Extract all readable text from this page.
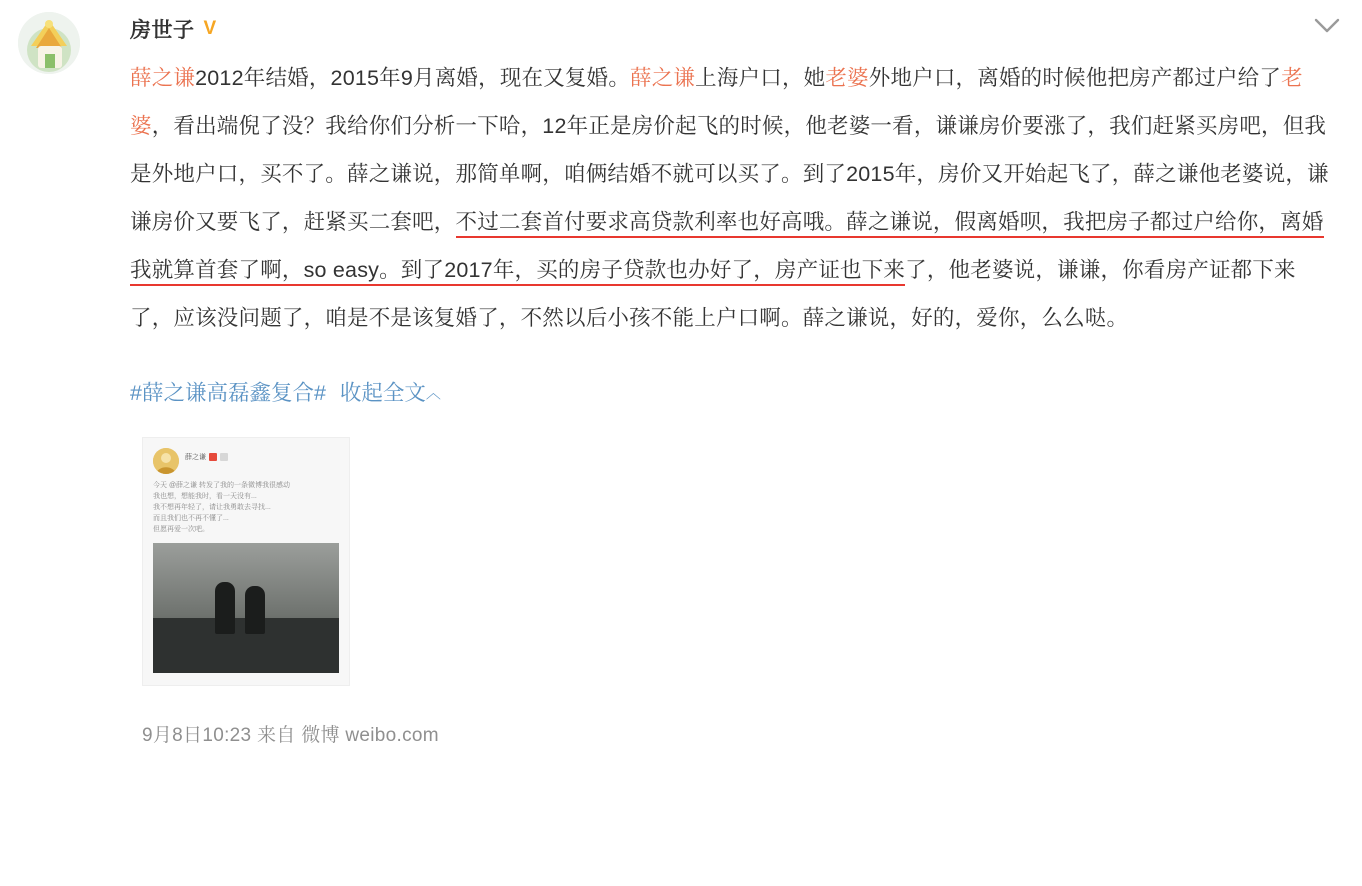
房世子 V
薛之谦2012年结婚，2015年9月离婚，现在又复婚。薛之谦上海户口，她老婆外地户口，离婚的时候他把房产都过户给了老婆，看出端倪了没？我给你们分析一下哈，12年正是房价起飞的时候，他老婆一看，谦谦房价要涨了，我们赶紧买房吧，但我是外地户口，买不了。薛之谦说，那简单啊，咱俩结婚不就可以买了。到了2015年，房价又开始起飞了，薛之谦他老婆说，谦谦房价又要飞了，赶紧买二套吧，不过二套首付要求高贷款利率也好高哦。薛之谦说，假离婚呗，我把房子都过户给你，离婚我就算首套了啊，so easy。到了2017年，买的房子贷款也办好了，房产证也下来了，他老婆说，谦谦，你看房产证都下来了，应该没问题了，咱是不是该复婚了，不然以后小孩不能上户口啊。薛之谦说，好的，爱你，么么哒。
#薛之谦高磊鑫复合# 收起全文︿
薛之谦
今天 @薛之谦 转发了我的一条微博我很感动
我也想，想能我时，看一天没有...
我不想再年轻了，请让我勇敢去寻找...
而且我们也不再不懂了...
但愿再爱一次吧。
9月8日10:23 来自 微博 weibo.com
